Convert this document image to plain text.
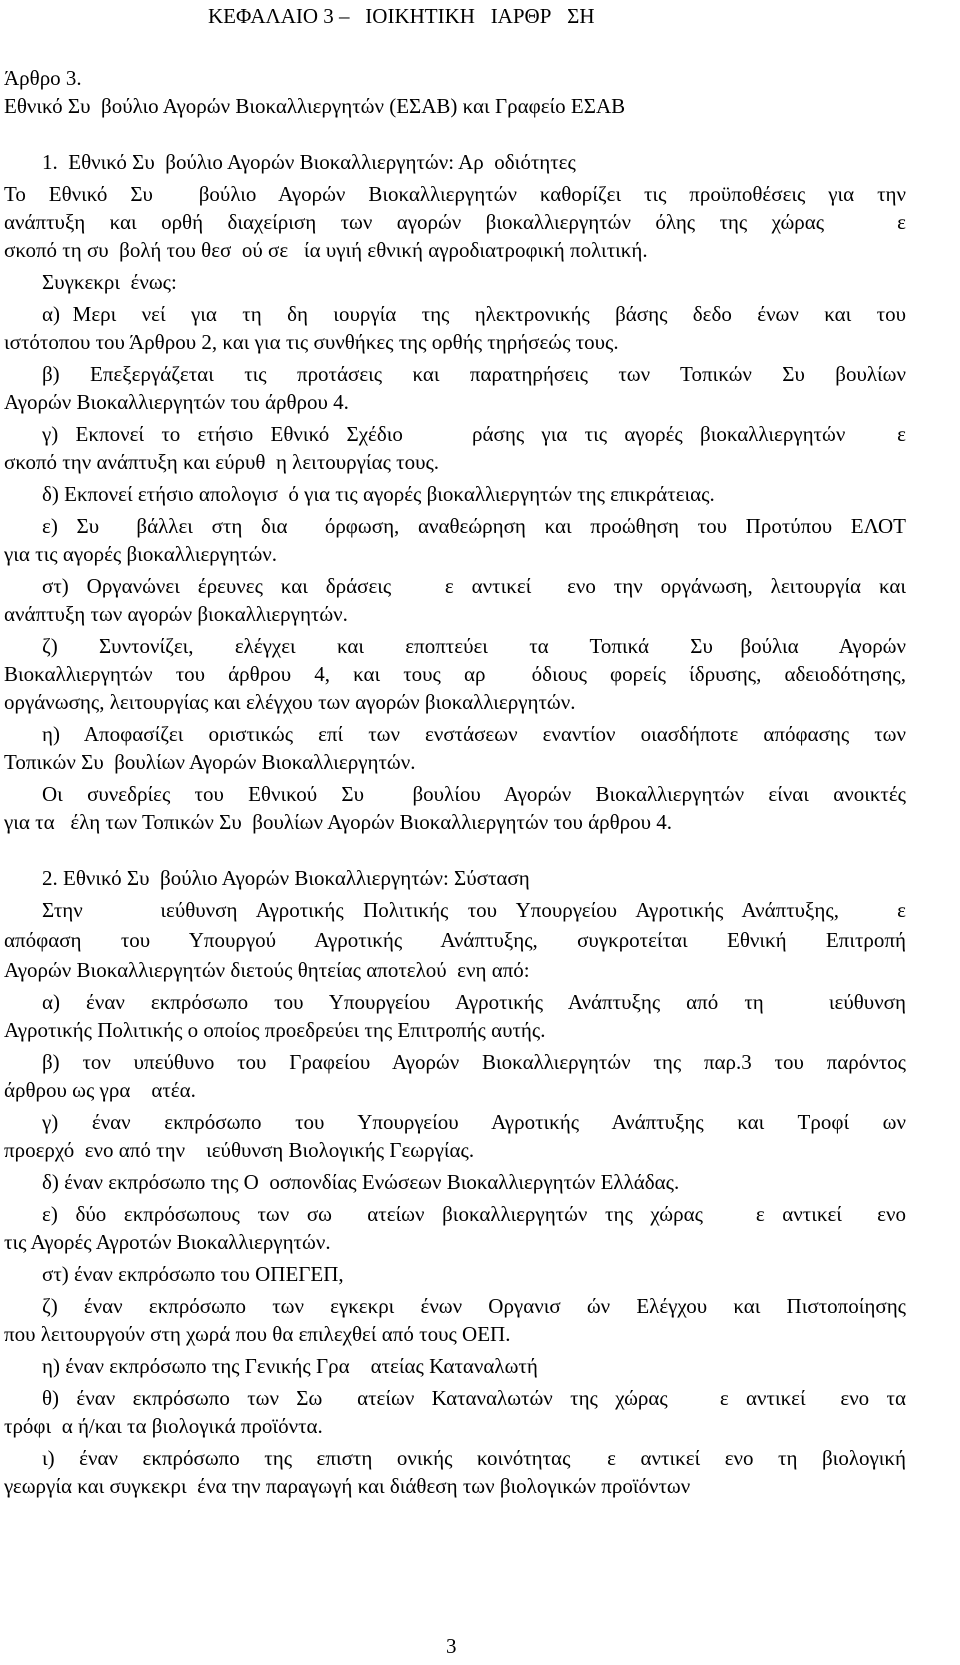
ΚΕΦΑΛΑΙΟ 3 –   ΙΟΙΚΗΤΙΚΗ   ΙΑΡΘΡ   ΣΗ
Άρθρο 3.
Εθνικό Συ  βούλιο Αγορών Βιοκαλλιεργητών (ΕΣΑΒ) και Γραφείο ΕΣΑΒ
1.  Εθνικό Συ  βούλιο Αγορών Βιοκαλλιεργητών: Αρ  οδιότητες
Το Εθνικό Συ  βούλιο Αγορών Βιοκαλλιεργητών καθορίζει τις προϋποθέσεις για την
ανάπτυξη και ορθή διαχείριση των αγορών βιοκαλλιεργητών όλης της χώρας   ε
σκοπό τη συ  βολή του θεσ  ού σε   ία υγιή εθνική αγροδιατροφική πολιτική.
Συγκεκρι  ένως:
α) Μερι  νεί  για  τη  δη  ιουργία  της  ηλεκτρονικής  βάσης  δεδο  ένων  και  του
ιστότοπου του Άρθρου 2, και για τις συνθήκες της ορθής τηρήσεώς τους.
β)  Επεξεργάζεται  τις  προτάσεις  και  παρατηρήσεις  των  Τοπικών  Συ  βουλίων
Αγορών Βιοκαλλιεργητών του άρθρου 4.
γ) Εκπονεί το ετήσιο Εθνικό Σχέδιο    ράσης για τις αγορές βιοκαλλιεργητών   ε
σκοπό την ανάπτυξη και εύρυθ  η λειτουργίας τους.
δ) Εκπονεί ετήσιο απολογισ  ό για τις αγορές βιοκαλλιεργητών της επικράτειας.
ε) Συ  βάλλει στη δια  όρφωση, αναθεώρηση και προώθηση του Προτύπου ΕΛΟΤ
για τις αγορές βιοκαλλιεργητών.
στ) Οργανώνει έρευνες και δράσεις   ε αντικεί  ενο την οργάνωση, λειτουργία και
ανάπτυξη των αγορών βιοκαλλιεργητών.
ζ)   Συντονίζει,   ελέγχει   και   εποπτεύει   τα   Τοπικά   Συ  βούλια   Αγορών
Βιοκαλλιεργητών του άρθρου 4, και τους αρ  όδιους φορείς ίδρυσης, αδειοδότησης,
οργάνωσης, λειτουργίας και ελέγχου των αγορών βιοκαλλιεργητών.
η) Αποφασίζει οριστικώς επί των ενστάσεων εναντίον οιασδήποτε απόφασης των
Τοπικών Συ  βουλίων Αγορών Βιοκαλλιεργητών.
Οι συνεδρίες του Εθνικού Συ  βουλίου Αγορών Βιοκαλλιεργητών είναι ανοικτές
για τα   έλη των Τοπικών Συ  βουλίων Αγορών Βιοκαλλιεργητών του άρθρου 4.
2. Εθνικό Συ  βούλιο Αγορών Βιοκαλλιεργητών: Σύσταση
Στην    ιεύθυνση Αγροτικής Πολιτικής του Υπουργείου Αγροτικής Ανάπτυξης,   ε
απόφαση  του  Υπουργού  Αγροτικής  Ανάπτυξης,  συγκροτείται  Εθνική  Επιτροπή
Αγορών Βιοκαλλιεργητών διετούς θητείας αποτελού  ενη από:
α)  έναν  εκπρόσωπο  του  Υπουργείου  Αγροτικής  Ανάπτυξης  από  τη     ιεύθυνση
Αγροτικής Πολιτικής ο οποίος προεδρεύει της Επιτροπής αυτής.
β) τον υπεύθυνο του Γραφείου Αγορών Βιοκαλλιεργητών της παρ.3 του παρόντος
άρθρου ως γρα    ατέα.
γ)   έναν   εκπρόσωπο   του   Υπουργείου   Αγροτικής   Ανάπτυξης   και   Τροφί   ων
προερχό  ενο από την    ιεύθυνση Βιολογικής Γεωργίας.
δ) έναν εκπρόσωπο της Ο  οσπονδίας Ενώσεων Βιοκαλλιεργητών Ελλάδας.
ε) δύο εκπρόσωπους των σω  ατείων βιοκαλλιεργητών της χώρας   ε αντικεί  ενο
τις Αγορές Αγροτών Βιοκαλλιεργητών.
στ) έναν εκπρόσωπο του ΟΠΕΓΕΠ,
ζ)  έναν  εκπρόσωπο  των  εγκεκρι  ένων  Οργανισ  ών  Ελέγχου  και  Πιστοποίησης
που λειτουργούν στη χωρά που θα επιλεχθεί από τους ΟΕΠ.
η) έναν εκπρόσωπο της Γενικής Γρα    ατείας Καταναλωτή
θ) έναν εκπρόσωπο των Σω  ατείων Καταναλωτών της χώρας   ε αντικεί  ενο τα
τρόφι  α ή/και τα βιολογικά προϊόντα.
ι)  έναν  εκπρόσωπο  της  επιστη  ονικής  κοινότητας   ε  αντικεί  ενο  τη  βιολογική
γεωργία και συγκεκρι  ένα την παραγωγή και διάθεση των βιολογικών προϊόντων
3
